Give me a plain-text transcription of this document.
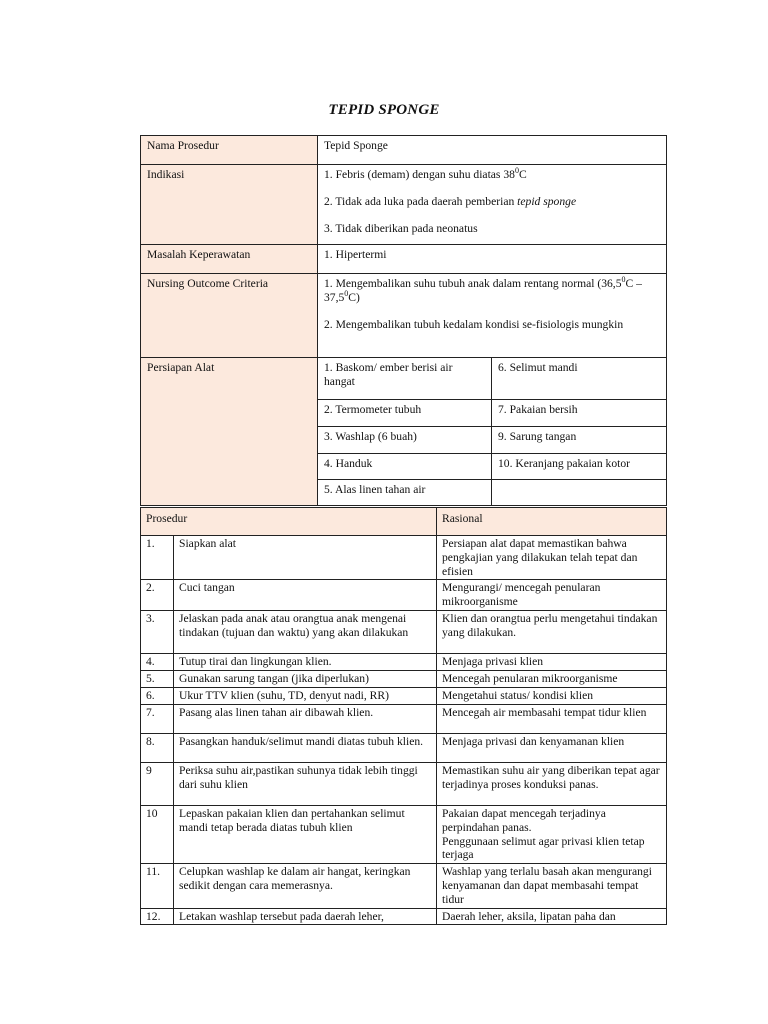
TEPID SPONGE
Nama Prosedur	Tepid Sponge	
Indikasi	1. Febris (demam) dengan suhu diatas $38^0C$

2. Tidak ada luka pada daerah pemberian tepid sponge

3. Tidak diberikan pada neonatus	

Masalah Keperawatan	1. Hipertermi	
Nursing Outcome Criteria	1. Mengembalikan suhu tubuh anak dalam rentang normal (36,5$^0$C – 37,5$^0$C)

2. Mengembalikan tubuh kedalam kondisi se-fisiologis mungkin	

Persiapan Alat	1. Baskom/ ember berisi air hangat	6. Selimut mandi
	2. Termometer tubuh	7. Pakaian bersih
	3. Washlap (6 buah)	9. Sarung tangan
	4. Handuk	10. Keranjang pakaian kotor
	5. Alas linen tahan air	
Prosedur		Rasional
1.	Siapkan alat	Persiapan alat dapat memastikan bahwa pengkajian yang dilakukan telah tepat dan efisien
2.	Cuci tangan	Mengurangi/ mencegah penularan mikroorganisme
3.	Jelaskan pada anak atau orangtua anak mengenai tindakan (tujuan dan waktu) yang akan dilakukan	Klien dan orangtua perlu mengetahui tindakan yang dilakukan.
4.	Tutup tirai dan lingkungan klien.	Menjaga privasi klien
5.	Gunakan sarung tangan (jika diperlukan)	Mencegah penularan mikroorganisme
6.	Ukur TTV klien (suhu, TD, denyut nadi, RR)	Mengetahui status/ kondisi klien
7.	Pasang alas linen tahan air dibawah klien.	Mencegah air membasahi tempat tidur klien
8.	Pasangkan handuk/selimut mandi diatas tubuh klien.	Menjaga privasi dan kenyamanan klien
9	Periksa suhu air,pastikan suhunya tidak lebih tinggi dari suhu klien	Memastikan suhu air yang diberikan tepat agar terjadinya proses konduksi panas.
10	Lepaskan pakaian klien dan pertahankan selimut mandi tetap berada diatas tubuh klien	Pakaian dapat mencegah terjadinya perpindahan panas.
Penggunaan selimut agar privasi klien tetap terjaga

11.	Celupkan washlap ke dalam air hangat, keringkan sedikit dengan cara memerasnya.	Washlap yang terlalu basah akan mengurangi kenyamanan dan dapat membasahi tempat tidur
12.	Letakan washlap tersebut pada daerah leher,	Daerah leher, aksila, lipatan paha dan
